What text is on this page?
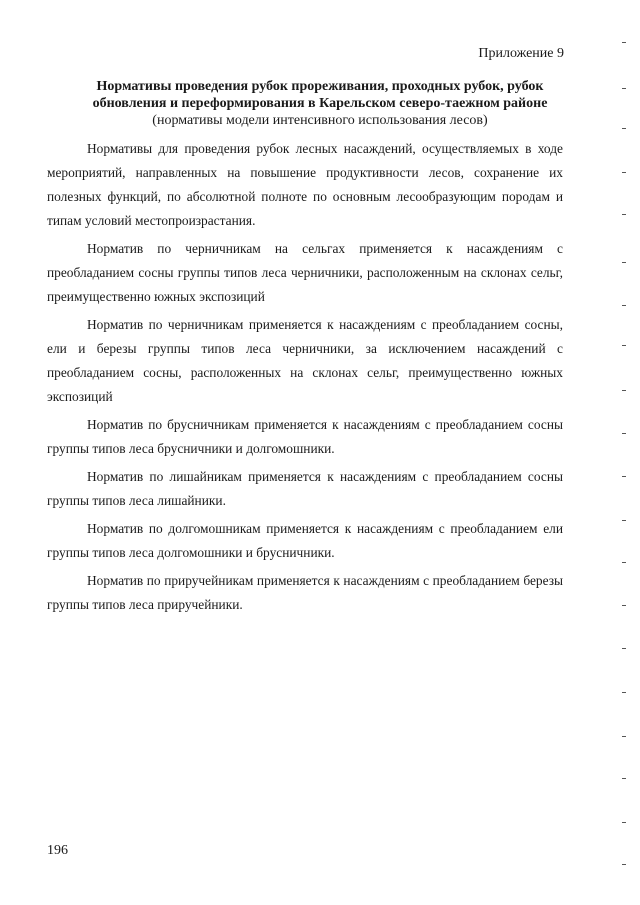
Приложение 9
Нормативы проведения рубок прореживания, проходных рубок, рубок
обновления и переформирования в Карельском северо-таежном районе
(нормативы модели интенсивного использования лесов)

Нормативы для проведения рубок лесных насаждений, осуществляемых в ходе мероприятий, направленных на повышение продуктивности лесов, сохранение их полезных функций, по абсолютной полноте по основным лесообразующим породам и типам условий местопроизрастания.

Норматив по черничникам на сельгах применяется к насаждениям с преобладанием сосны группы типов леса черничники, расположенным на склонах сельг, преимущественно южных экспозиций

Норматив по черничникам применяется к насаждениям с преобладанием сосны, ели и березы группы типов леса черничники, за исключением насаждений с преобладанием сосны, расположенных на склонах сельг, преимущественно южных экспозиций

Норматив по брусничникам применяется к насаждениям с преобладанием сосны группы типов леса брусничники и долгомошники.

Норматив по лишайникам применяется к насаждениям с преобладанием сосны группы типов леса лишайники.

Норматив по долгомошникам применяется к насаждениям с преобладанием ели группы типов леса долгомошники и брусничники.

Норматив по приручейникам применяется к насаждениям с преобладанием березы группы типов леса приручейники.

196
